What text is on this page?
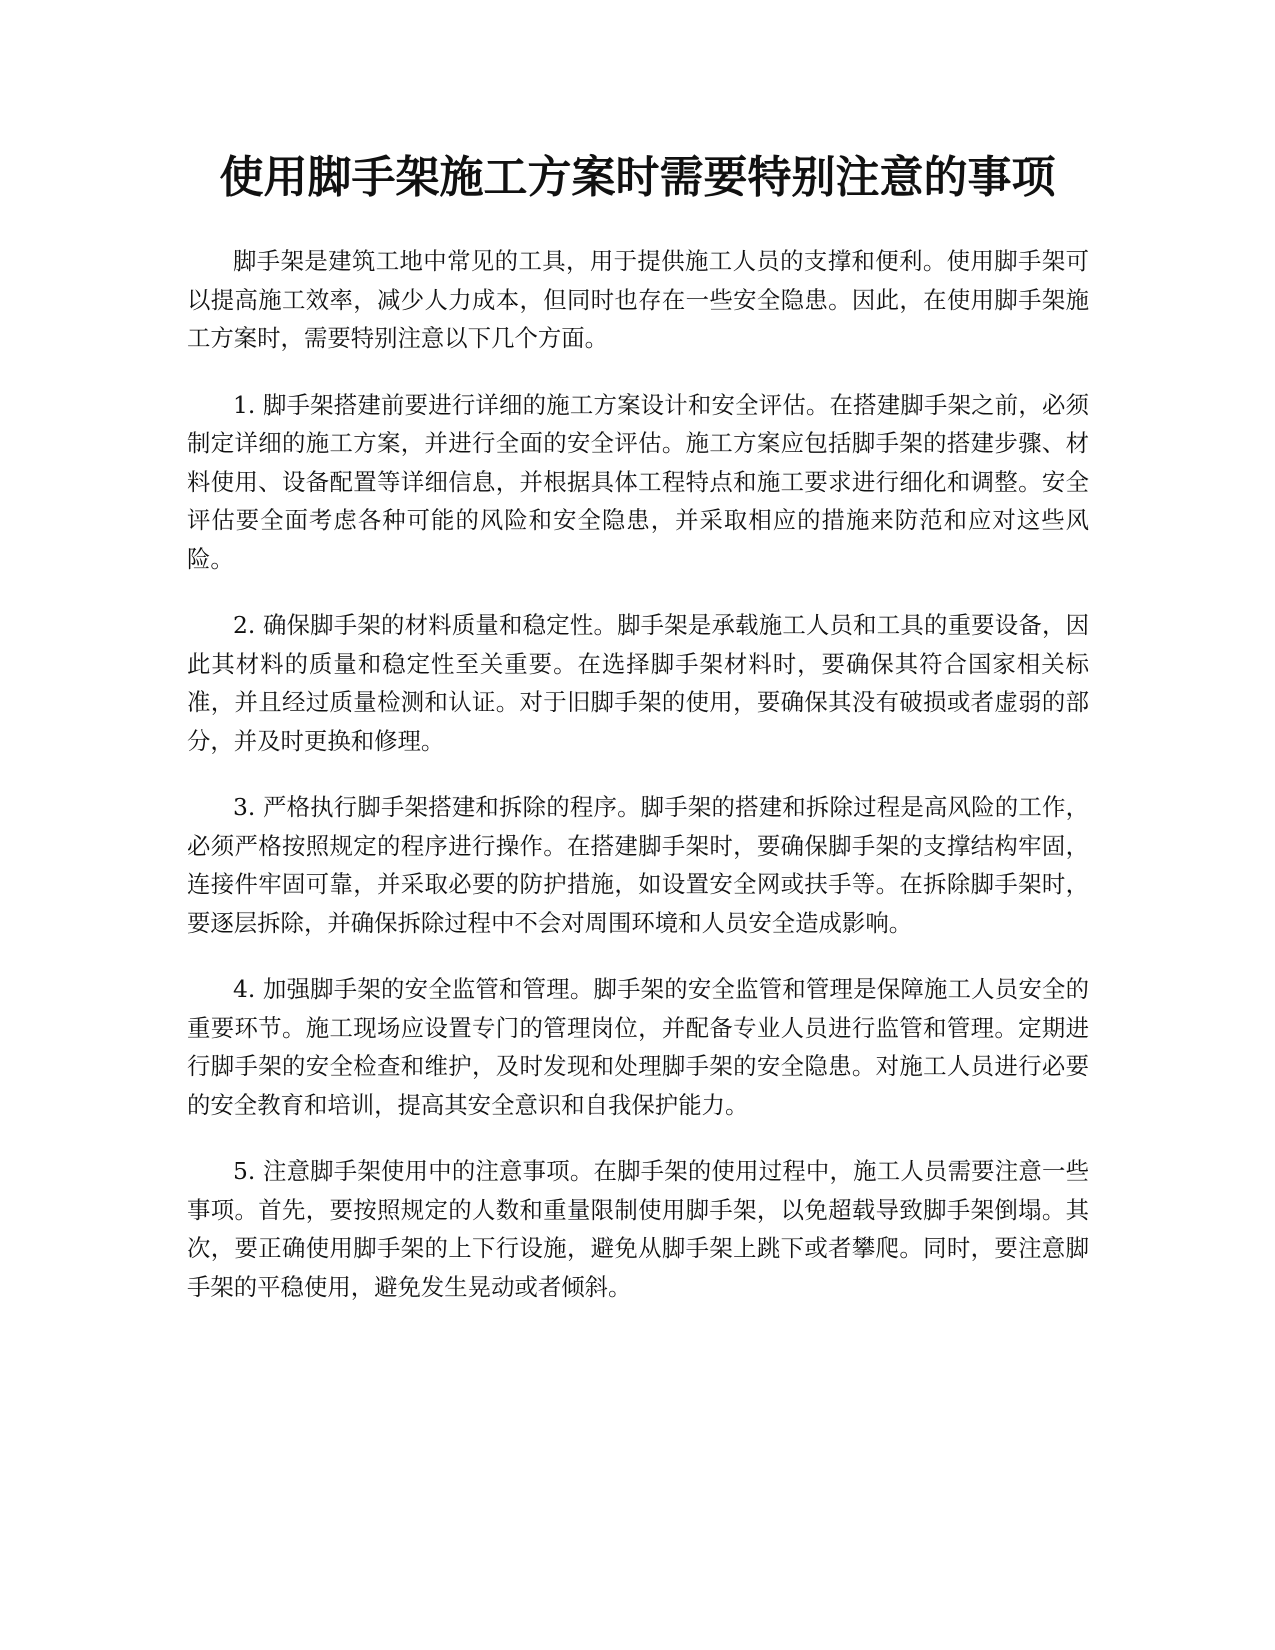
使用脚手架施工方案时需要特别注意的事项

脚手架是建筑工地中常见的工具，用于提供施工人员的支撑和便利。使用脚手架可以提高施工效率，减少人力成本，但同时也存在一些安全隐患。因此，在使用脚手架施工方案时，需要特别注意以下几个方面。

1. 脚手架搭建前要进行详细的施工方案设计和安全评估。在搭建脚手架之前，必须制定详细的施工方案，并进行全面的安全评估。施工方案应包括脚手架的搭建步骤、材料使用、设备配置等详细信息，并根据具体工程特点和施工要求进行细化和调整。安全评估要全面考虑各种可能的风险和安全隐患，并采取相应的措施来防范和应对这些风险。

2. 确保脚手架的材料质量和稳定性。脚手架是承载施工人员和工具的重要设备，因此其材料的质量和稳定性至关重要。在选择脚手架材料时，要确保其符合国家相关标准，并且经过质量检测和认证。对于旧脚手架的使用，要确保其没有破损或者虚弱的部分，并及时更换和修理。

3. 严格执行脚手架搭建和拆除的程序。脚手架的搭建和拆除过程是高风险的工作，必须严格按照规定的程序进行操作。在搭建脚手架时，要确保脚手架的支撑结构牢固，连接件牢固可靠，并采取必要的防护措施，如设置安全网或扶手等。在拆除脚手架时，要逐层拆除，并确保拆除过程中不会对周围环境和人员安全造成影响。

4. 加强脚手架的安全监管和管理。脚手架的安全监管和管理是保障施工人员安全的重要环节。施工现场应设置专门的管理岗位，并配备专业人员进行监管和管理。定期进行脚手架的安全检查和维护，及时发现和处理脚手架的安全隐患。对施工人员进行必要的安全教育和培训，提高其安全意识和自我保护能力。

5. 注意脚手架使用中的注意事项。在脚手架的使用过程中，施工人员需要注意一些事项。首先，要按照规定的人数和重量限制使用脚手架，以免超载导致脚手架倒塌。其次，要正确使用脚手架的上下行设施，避免从脚手架上跳下或者攀爬。同时，要注意脚手架的平稳使用，避免发生晃动或者倾斜。
